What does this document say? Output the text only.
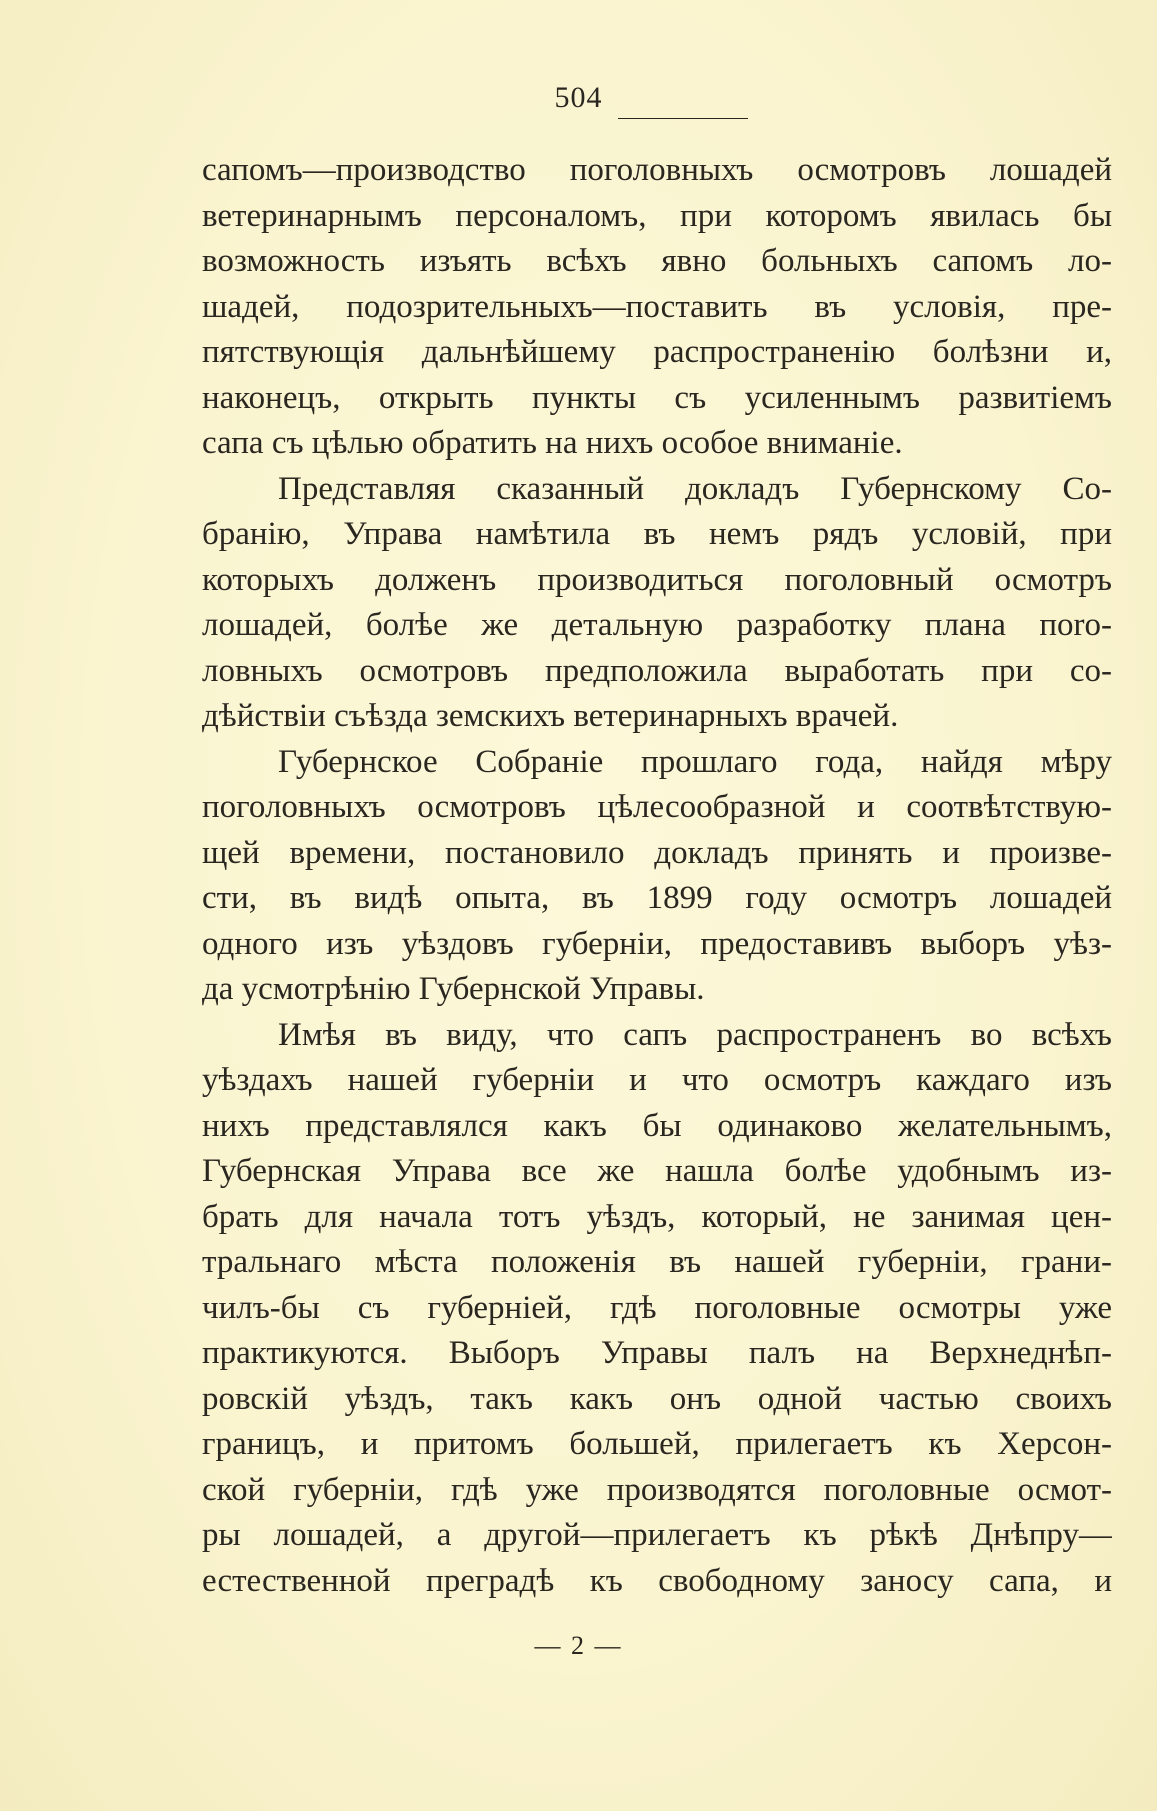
504
сапомъ—производство поголовныхъ осмотровъ лошадей
ветеринарнымъ персоналомъ, при которомъ явилась бы
возможность изъять всѣхъ явно больныхъ сапомъ ло-
шадей, подозрительныхъ—поставить въ условія, пре-
пятствующія дальнѣйшему распространенію болѣзни и,
наконецъ, открыть пункты съ усиленнымъ развитіемъ
сапа съ цѣлью обратить на нихъ особое вниманіе.
Представляя сказанный докладъ Губернскому Со-
бранію, Управа намѣтила въ немъ рядъ условій, при
которыхъ долженъ производиться поголовный осмотръ
лошадей, болѣе же детальную разработку плана поrо-
ловныхъ осмотровъ предположила выработать при со-
дѣйствіи съѣзда земскихъ ветеринарныхъ врачей.
Губернское Собраніе прошлаго года, найдя мѣру
поголовныхъ осмотровъ цѣлесообразной и соотвѣтствую-
щей времени, постановило докладъ принять и произве-
сти, въ видѣ опыта, въ 1899 году осмотръ лошадей
одного изъ уѣздовъ губерніи, предоставивъ выборъ уѣз-
да усмотрѣнію Губернской Управы.
Имѣя въ виду, что сапъ распространенъ во всѣхъ
уѣздахъ нашей губерніи и что осмотръ каждаго изъ
нихъ представлялся какъ бы одинаково желательнымъ,
Губернская Управа все же нашла болѣе удобнымъ из-
брать для начала тотъ уѣздъ, который, не занимая цен-
тральнаго мѣста положенія въ нашей губерніи, грани-
чилъ-бы съ губерніей, гдѣ поголовные осмотры уже
практикуются. Выборъ Управы палъ на Верхнеднѣп-
ровскій уѣздъ, такъ какъ онъ одной частью своихъ
границъ, и притомъ большей, прилегаетъ къ Херсон-
ской губерніи, гдѣ уже производятся поголовные осмот-
ры лошадей, а другой—прилегаетъ къ рѣкѣ Днѣпру—
естественной преградѣ къ свободному заносу сапа, и
— 2 —
